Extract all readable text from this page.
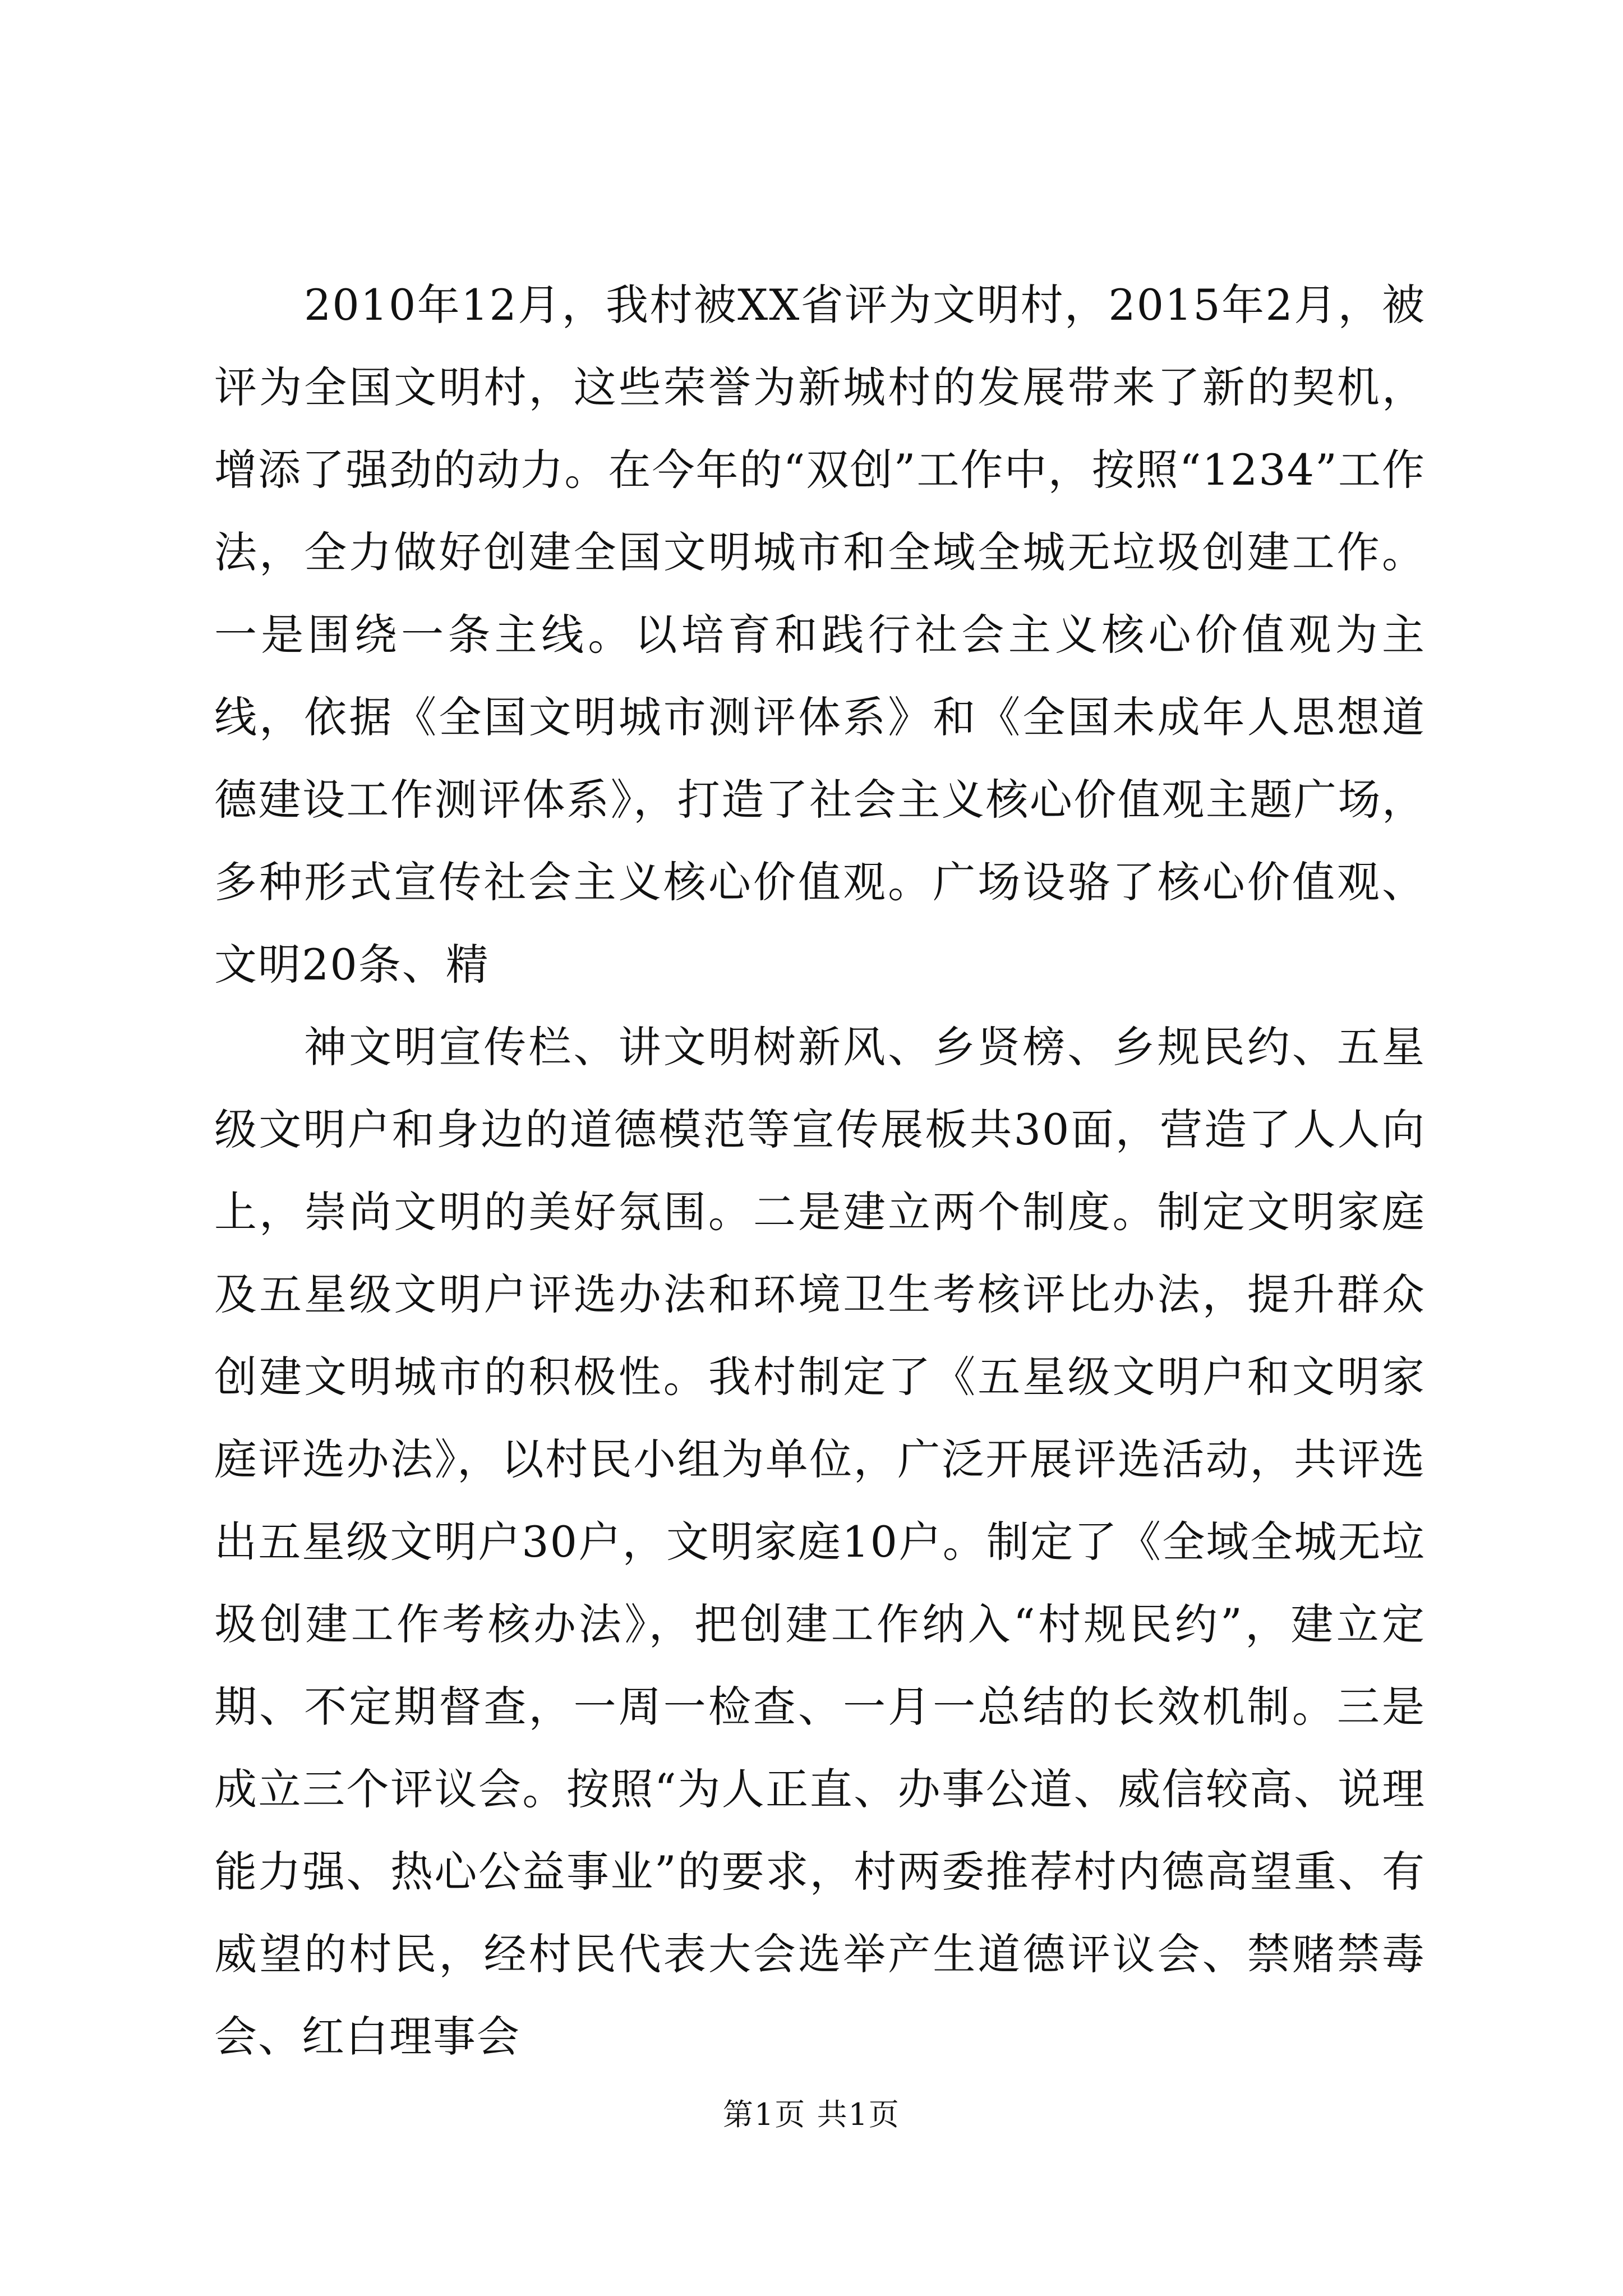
2010年12月，我村被XX省评为文明村，2015年2月，被评为全国文明村，这些荣誉为新城村的发展带来了新的契机，增添了强劲的动力。在今年的“双创”工作中，按照“1234”工作法，全力做好创建全国文明城市和全域全城无垃圾创建工作。一是围绕一条主线。以培育和践行社会主义核心价值观为主线，依据《全国文明城市测评体系》和《全国未成年人思想道德建设工作测评体系》，打造了社会主义核心价值观主题广场，多种形式宣传社会主义核心价值观。广场设骆了核心价值观、文明20条、精

神文明宣传栏、讲文明树新风、乡贤榜、乡规民约、五星级文明户和身边的道德模范等宣传展板共30面，营造了人人向上，崇尚文明的美好氛围。二是建立两个制度。制定文明家庭及五星级文明户评选办法和环境卫生考核评比办法，提升群众创建文明城市的积极性。我村制定了《五星级文明户和文明家庭评选办法》，以村民小组为单位，广泛开展评选活动，共评选出五星级文明户30户，文明家庭10户。制定了《全域全城无垃圾创建工作考核办法》，把创建工作纳入“村规民约”，建立定期、不定期督查，一周一检查、一月一总结的长效机制。三是成立三个评议会。按照“为人正直、办事公道、威信较高、说理能力强、热心公益事业”的要求，村两委推荐村内德高望重、有威望的村民，经村民代表大会选举产生道德评议会、禁赌禁毒会、红白理事会

第1页 共1页
